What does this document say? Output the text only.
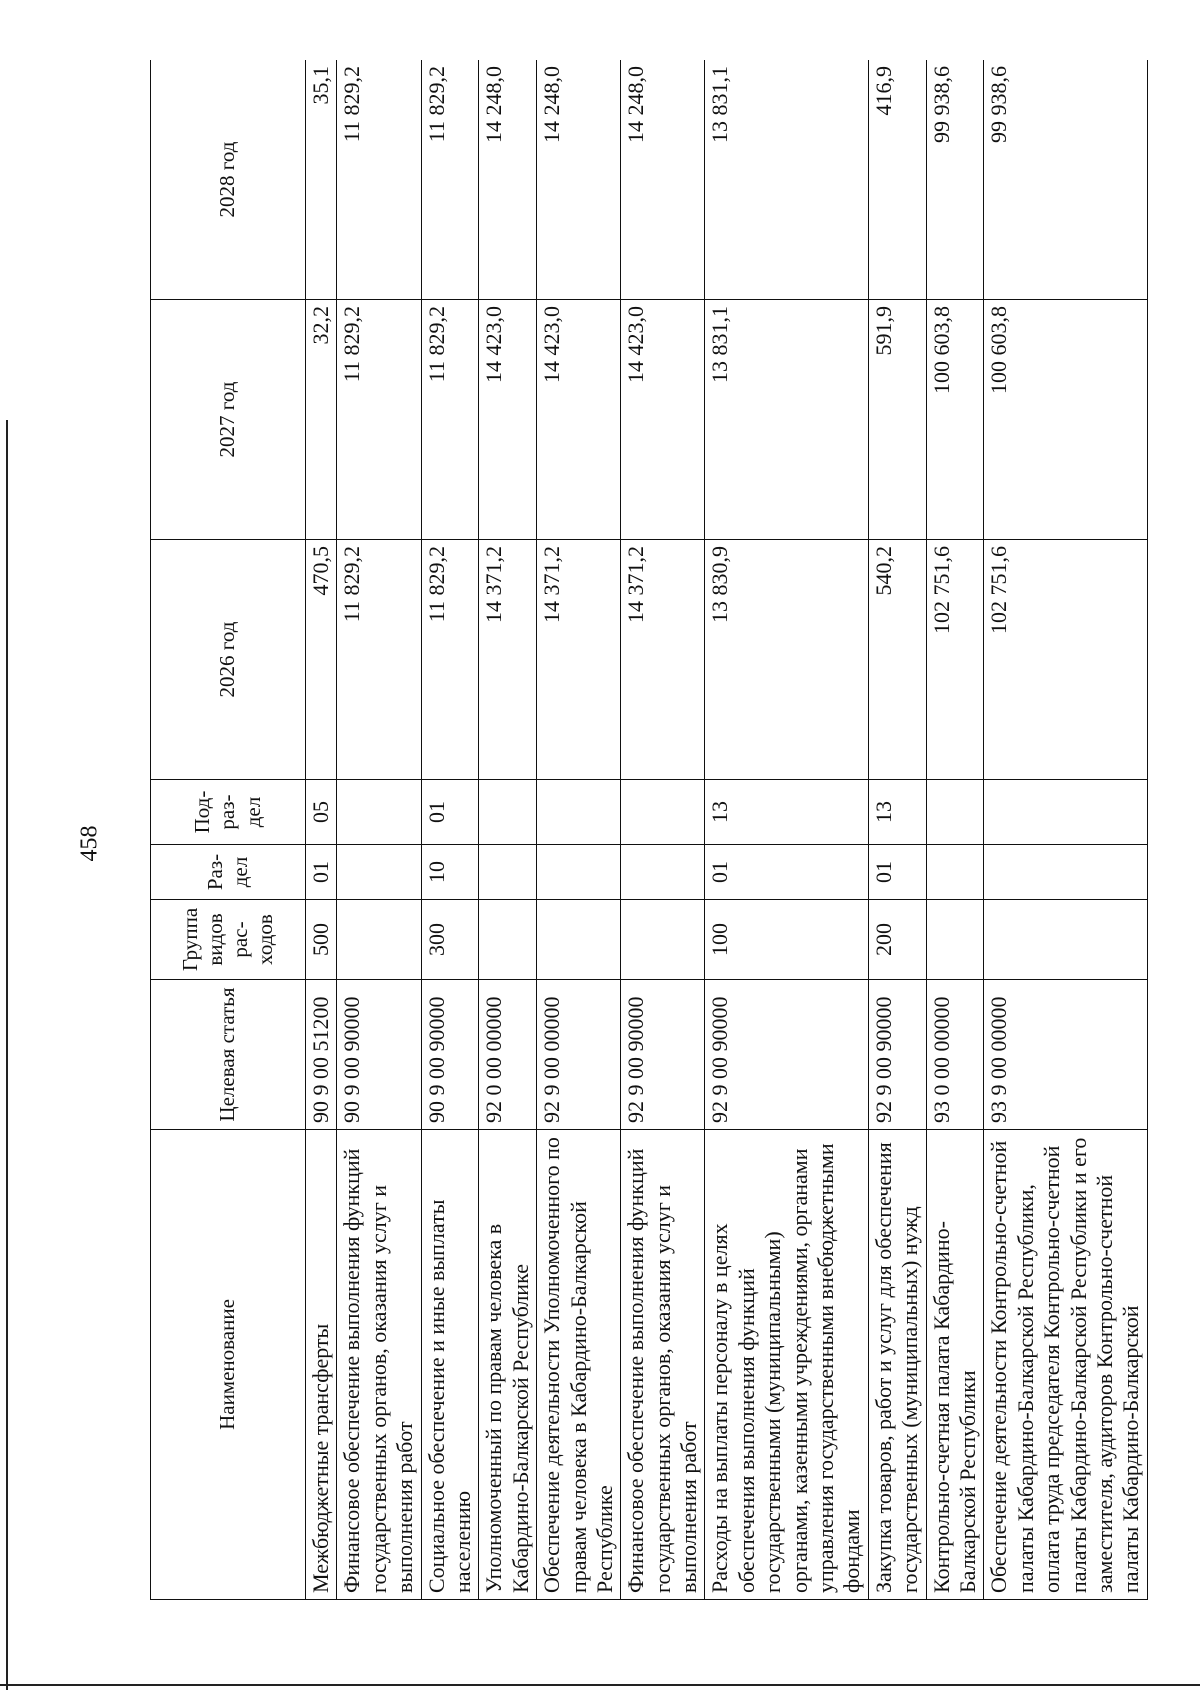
458
Наименование	Целевая статья	Группа видов рас-ходов	Раз-дел	Под-раз-дел	2026 год	2027 год	2028 год
Межбюджетные трансферты	90 9 00 51200	500	01	05	470,5	32,2	35,1
Финансовое обеспечение выполнения функций государственных органов, оказания услуг и выполнения работ	90 9 00 90000				11 829,2	11 829,2	11 829,2
Социальное обеспечение и иные выплаты населению	90 9 00 90000	300	10	01	11 829,2	11 829,2	11 829,2
Уполномоченный по правам человека в Кабардино-Балкарской Республике	92 0 00 00000				14 371,2	14 423,0	14 248,0
Обеспечение деятельности Уполномоченного по правам человека в Кабардино-Балкарской Республике	92 9 00 00000				14 371,2	14 423,0	14 248,0
Финансовое обеспечение выполнения функций государственных органов, оказания услуг и выполнения работ	92 9 00 90000				14 371,2	14 423,0	14 248,0
Расходы на выплаты персоналу в целях обеспечения выполнения функций государственными (муниципальными) органами, казенными учреждениями, органами управления государственными внебюджетными фондами	92 9 00 90000	100	01	13	13 830,9	13 831,1	13 831,1
Закупка товаров, работ и услуг для обеспечения государственных (муниципальных) нужд	92 9 00 90000	200	01	13	540,2	591,9	416,9
Контрольно-счетная палата Кабардино-Балкарской Республики	93 0 00 00000				102 751,6	100 603,8	99 938,6
Обеспечение деятельности Контрольно-счетной палаты Кабардино-Балкарской Республики, оплата труда председателя Контрольно-счетной палаты Кабардино-Балкарской Республики и его заместителя, аудиторов Контрольно-счетной палаты Кабардино-Балкарской	93 9 00 00000				102 751,6	100 603,8	99 938,6
